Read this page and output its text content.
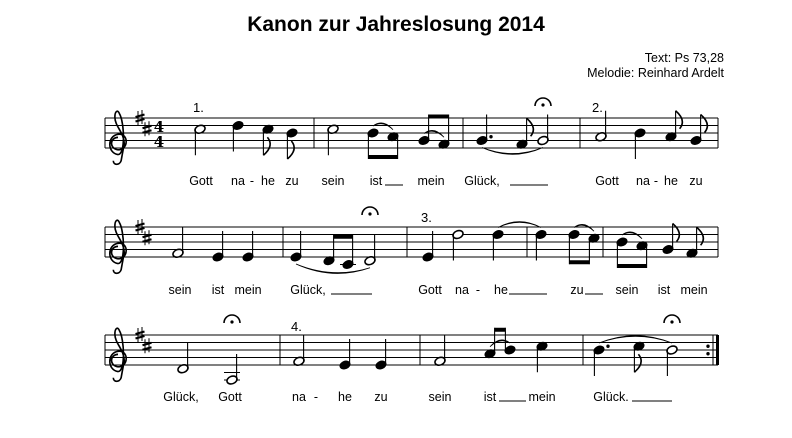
Kanon zur Jahreslosung 2014
Text: Ps 73,28
Melodie: Reinhard Ardelt
4
4
Gott na - he zu sein ist	mein Glück,	Gott na - he zu
sein ist mein Glück,	Gott na - he	zu	sein ist mein
Glück, Gott	na - he zu	sein	ist	mein	Glück.
1.	2.
3.
4.
